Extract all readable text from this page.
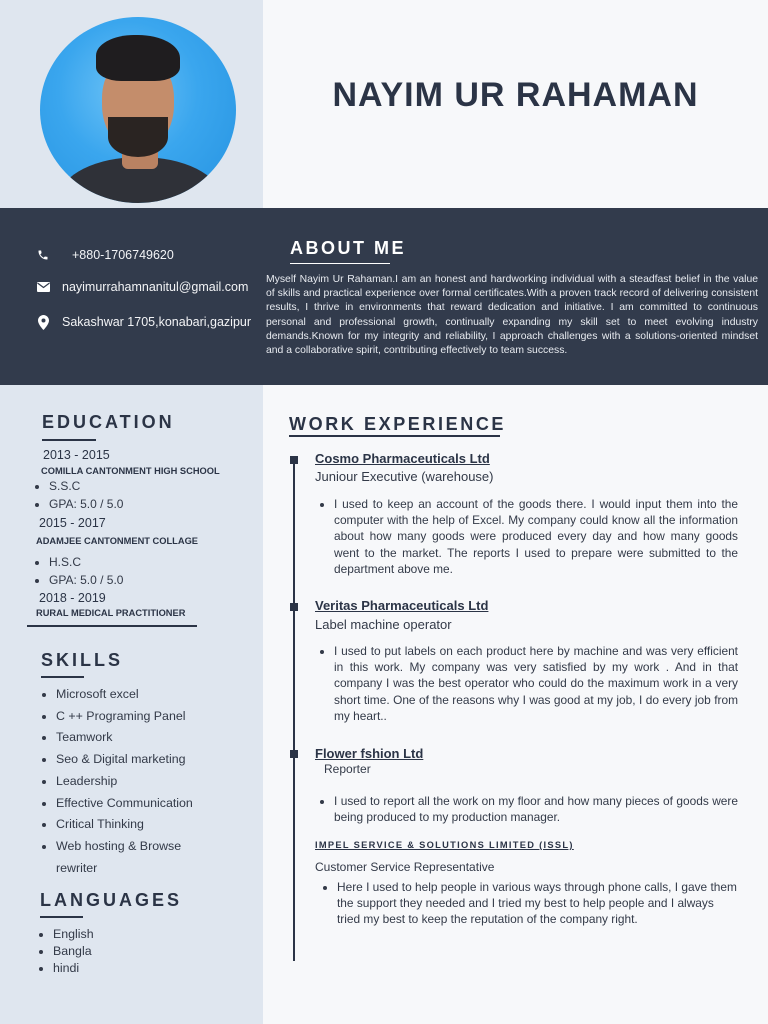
NAYIM UR RAHAMAN
+880-1706749620
nayimurrahamnanitul@gmail.com
Sakashwar 1705,konabari,gazipur
ABOUT ME
Myself Nayim Ur Rahaman.I am an honest and hardworking individual with a steadfast belief in the value of skills and practical experience over formal certificates.With a proven track record of delivering consistent results, I thrive in environments that reward dedication and initiative. I am committed to continuous personal and professional growth, continually expanding my skill set to meet evolving industry demands.Known for my integrity and reliability, I approach challenges with a solutions-oriented mindset and a collaborative spirit, contributing effectively to team success.
EDUCATION
2013 - 2015
COMILLA CANTONMENT HIGH SCHOOL
• S.S.C
• GPA: 5.0 / 5.0
2015 - 2017
ADAMJEE CANTONMENT COLLAGE
• H.S.C
• GPA: 5.0 / 5.0
2018 - 2019
RURAL MEDICAL PRACTITIONER
SKILLS
• Microsoft excel
• C ++ Programing Panel
• Teamwork
• Seo & Digital marketing
• Leadership
• Effective Communication
• Critical Thinking
• Web hosting & Browse rewriter
LANGUAGES
• English
• Bangla
• hindi
WORK EXPERIENCE
Cosmo Pharmaceuticals Ltd
Juniour Executive (warehouse)
• I used to keep an account of the goods there. I would input them into the computer with the help of Excel. My company could know all the information about how many goods were produced every day and how many goods went to the market. The reports I used to prepare were submitted to the department above me.
Veritas Pharmaceuticals Ltd
Label machine operator
• I used to put labels on each product here by machine and was very efficient in this work. My company was very satisfied by my work . And in that company I was the best operator who could do the maximum work in a very short time. One of the reasons why I was good at my job, I do every job from my heart..
Flower fshion Ltd
Reporter
• I used to report all the work on my floor and how many pieces of goods were being produced to my production manager.
IMPEL SERVICE & SOLUTIONS LIMITED (ISSL)
Customer Service Representative
• Here I used to help people in various ways through phone calls, I gave them the support they needed and I tried my best to help people and I always tried my best to keep the reputation of the company right.
